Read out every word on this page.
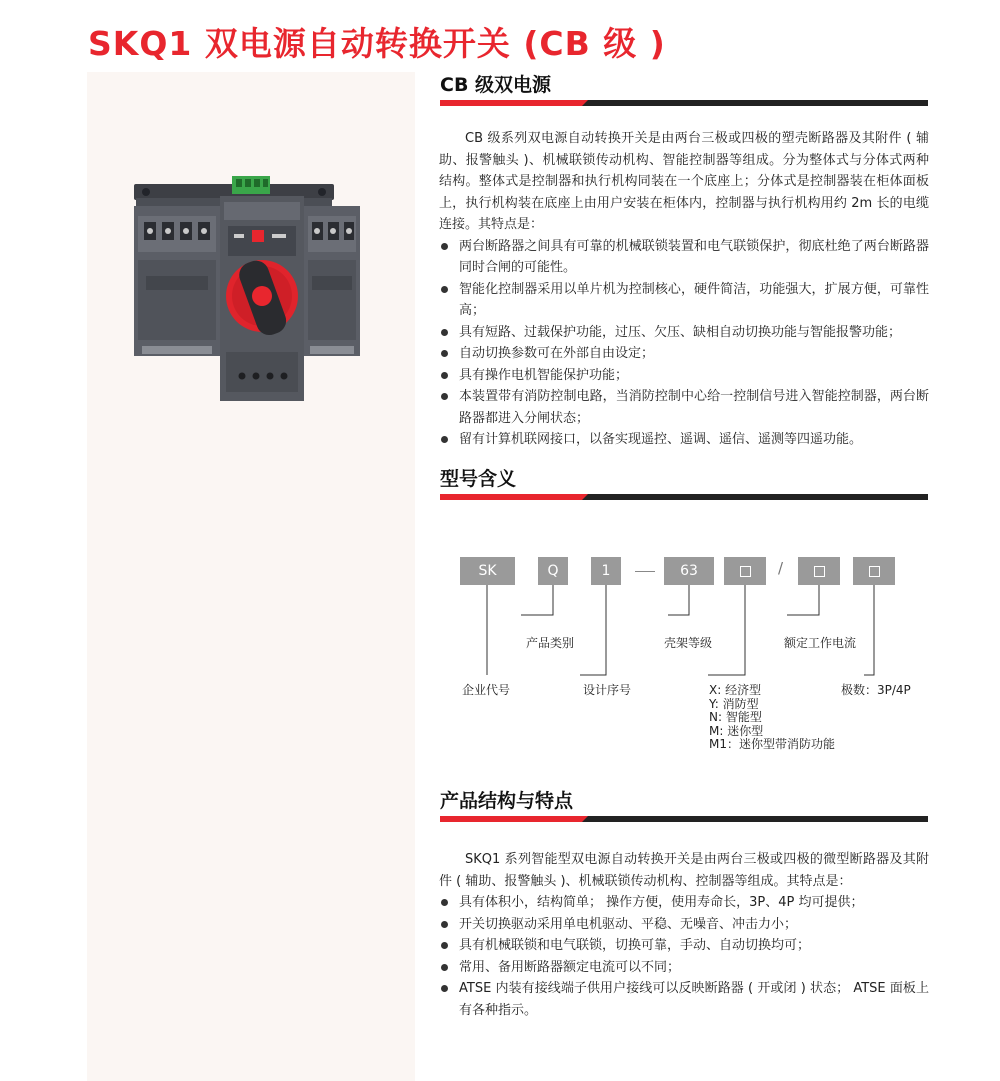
SKQ1 双电源自动转换开关 (CB 级 )
CB 级双电源

CB 级系列双电源自动转换开关是由两台三极或四极的塑壳断路器及其附件 ( 辅助、报警触头 )、机械联锁传动机构、智能控制器等组成。分为整体式与分体式两种结构。整体式是控制器和执行机构同装在一个底座上；分体式是控制器装在柜体面板上，执行机构装在底座上由用户安装在柜体内，控制器与执行机构用约 2m 长的电缆连接。其特点是：

两台断路器之间具有可靠的机械联锁装置和电气联锁保护，彻底杜绝了两台断路器同时合闸的可能性。
智能化控制器采用以单片机为控制核心，硬件简洁，功能强大，扩展方便，可靠性高；
具有短路、过载保护功能，过压、欠压、缺相自动切换功能与智能报警功能；
自动切换参数可在外部自由设定；
具有操作电机智能保护功能；
本装置带有消防控制电路，当消防控制中心给一控制信号进入智能控制器，两台断路器都进入分闸状态；
留有计算机联网接口，以备实现遥控、遥调、遥信、遥测等四遥功能。
型号含义
SK	Q	1	63	/
产品类别	壳架等级	额定工作电流
企业代号	设计序号	极数：3P/4P
X: 经济型
Y: 消防型
N: 智能型
M: 迷你型
M1：迷你型带消防功能
产品结构与特点

SKQ1 系列智能型双电源自动转换开关是由两台三极或四极的微型断路器及其附件 ( 辅助、报警触头 )、机械联锁传动机构、控制器等组成。其特点是：

具有体积小，结构简单； 操作方便，使用寿命长，3P、4P 均可提供；
开关切换驱动采用单电机驱动、平稳、无噪音、冲击力小；
具有机械联锁和电气联锁，切换可靠，手动、自动切换均可；
常用、备用断路器额定电流可以不同；
ATSE 内装有接线端子供用户接线可以反映断路器 ( 开或闭 ) 状态； ATSE 面板上有各种指示。
